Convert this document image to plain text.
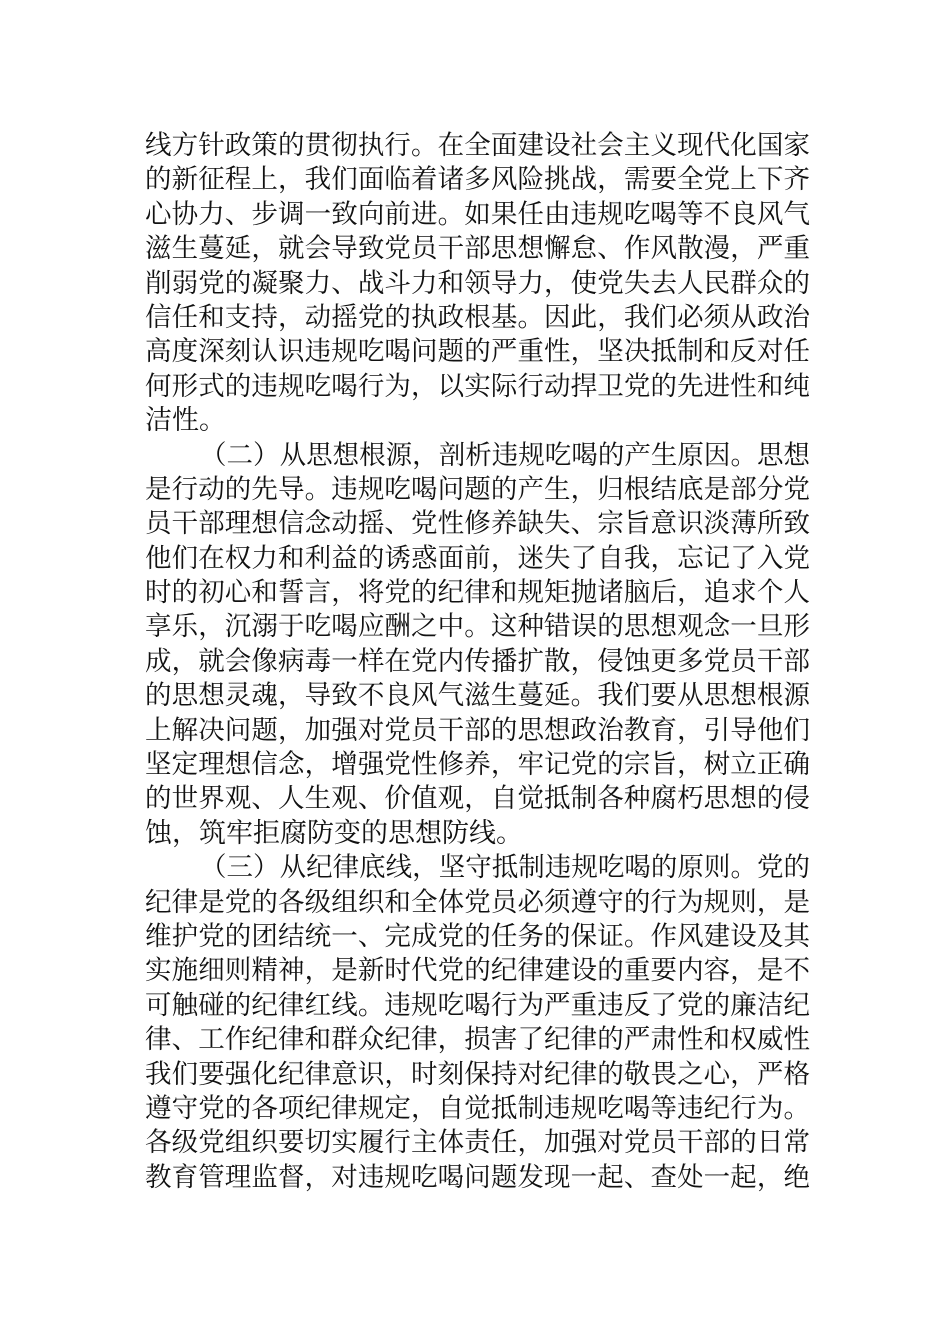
线方针政策的贯彻执行。在全面建设社会主义现代化国家
的新征程上，我们面临着诸多风险挑战，需要全党上下齐
心协力、步调一致向前进。如果任由违规吃喝等不良风气
滋生蔓延，就会导致党员干部思想懈怠、作风散漫，严重
削弱党的凝聚力、战斗力和领导力，使党失去人民群众的
信任和支持，动摇党的执政根基。因此，我们必须从政治
高度深刻认识违规吃喝问题的严重性，坚决抵制和反对任
何形式的违规吃喝行为，以实际行动捍卫党的先进性和纯
洁性。
（二）从思想根源，剖析违规吃喝的产生原因。思想
是行动的先导。违规吃喝问题的产生，归根结底是部分党
员干部理想信念动摇、党性修养缺失、宗旨意识淡薄所致
他们在权力和利益的诱惑面前，迷失了自我，忘记了入党
时的初心和誓言，将党的纪律和规矩抛诸脑后，追求个人
享乐，沉溺于吃喝应酬之中。这种错误的思想观念一旦形
成，就会像病毒一样在党内传播扩散，侵蚀更多党员干部
的思想灵魂，导致不良风气滋生蔓延。我们要从思想根源
上解决问题，加强对党员干部的思想政治教育，引导他们
坚定理想信念，增强党性修养，牢记党的宗旨，树立正确
的世界观、人生观、价值观，自觉抵制各种腐朽思想的侵
蚀，筑牢拒腐防变的思想防线。
（三）从纪律底线，坚守抵制违规吃喝的原则。党的
纪律是党的各级组织和全体党员必须遵守的行为规则，是
维护党的团结统一、完成党的任务的保证。作风建设及其
实施细则精神，是新时代党的纪律建设的重要内容，是不
可触碰的纪律红线。违规吃喝行为严重违反了党的廉洁纪
律、工作纪律和群众纪律，损害了纪律的严肃性和权威性
我们要强化纪律意识，时刻保持对纪律的敬畏之心，严格
遵守党的各项纪律规定，自觉抵制违规吃喝等违纪行为。
各级党组织要切实履行主体责任，加强对党员干部的日常
教育管理监督，对违规吃喝问题发现一起、查处一起，绝
